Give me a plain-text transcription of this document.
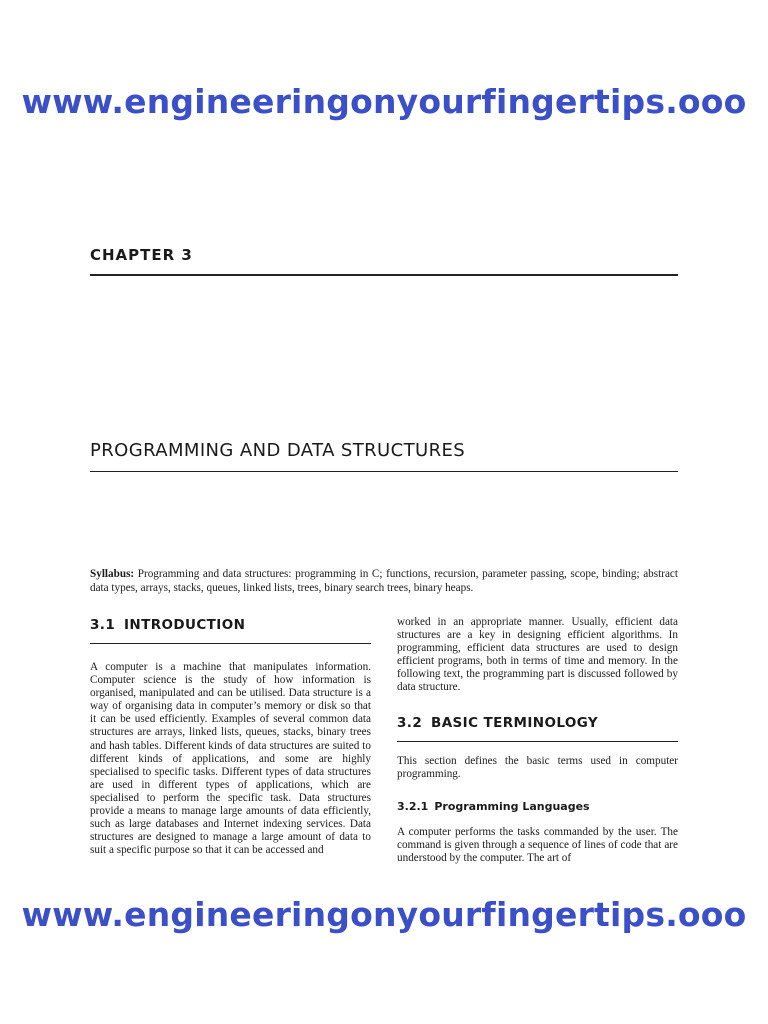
www.engineeringonyourfingertips.ooo
CHAPTER 3
PROGRAMMING AND DATA STRUCTURES
Syllabus: Programming and data structures: programming in C; functions, recursion, parameter passing, scope, binding; abstract data types, arrays, stacks, queues, linked lists, trees, binary search trees, binary heaps.
3.1 INTRODUCTION
A computer is a machine that manipulates information. Computer science is the study of how information is organised, manipulated and can be utilised. Data structure is a way of organising data in computer’s memory or disk so that it can be used efficiently. Examples of several common data structures are arrays, linked lists, queues, stacks, binary trees and hash tables. Different kinds of data structures are suited to different kinds of applications, and some are highly specialised to specific tasks. Different types of data structures are used in different types of applications, which are specialised to perform the specific task. Data structures provide a means to manage large amounts of data efficiently, such as large databases and Internet indexing services. Data structures are designed to manage a large amount of data to suit a specific purpose so that it can be accessed and
worked in an appropriate manner. Usually, efficient data structures are a key in designing efficient algorithms. In programming, efficient data structures are used to design efficient programs, both in terms of time and memory. In the following text, the programming part is discussed followed by data structure.
3.2 BASIC TERMINOLOGY
This section defines the basic terms used in computer programming.
3.2.1 Programming Languages
A computer performs the tasks commanded by the user. The command is given through a sequence of lines of code that are understood by the computer. The art of
www.engineeringonyourfingertips.ooo
